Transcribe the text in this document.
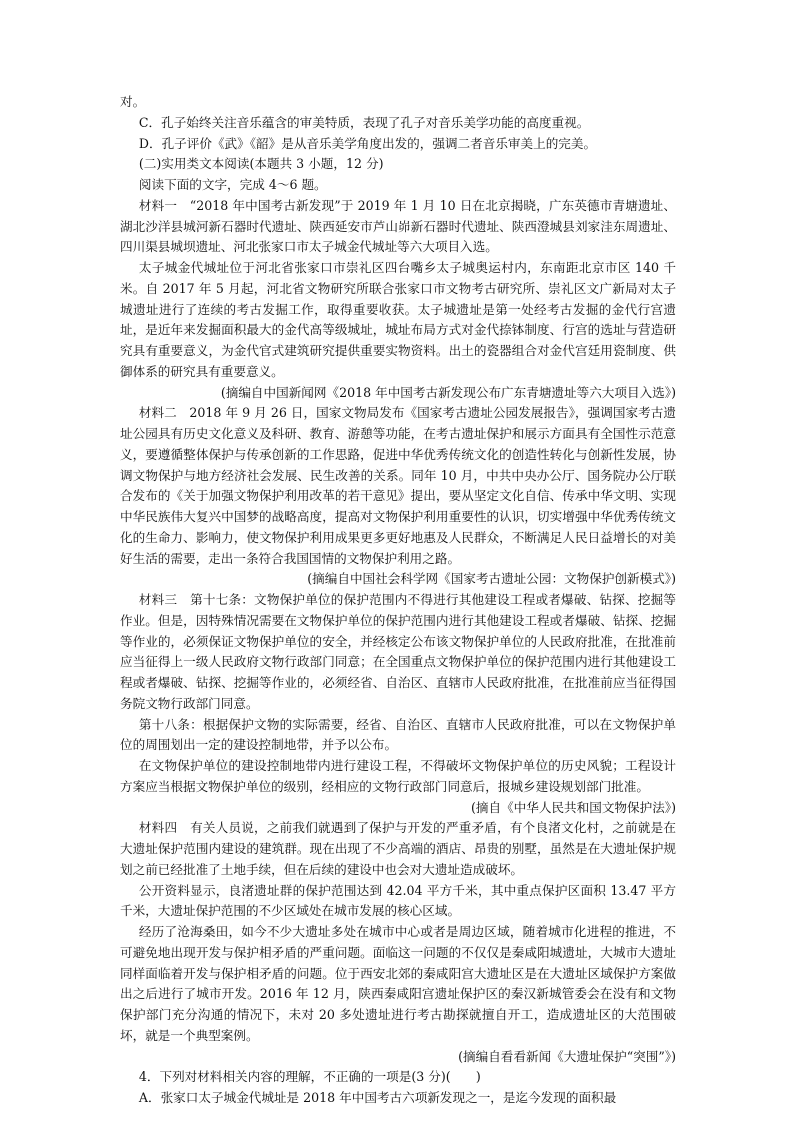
对。

C．孔子始终关注音乐蕴含的审美特质，表现了孔子对音乐美学功能的高度重视。

D．孔子评价《武》《韶》是从音乐美学角度出发的，强调二者音乐审美上的完美。

(二)实用类文本阅读(本题共 3 小题，12 分)

阅读下面的文字，完成 4～6 题。

材料一　“2018 年中国考古新发现”于 2019 年 1 月 10 日在北京揭晓，广东英德市青塘遗址、湖北沙洋县城河新石器时代遗址、陕西延安市芦山峁新石器时代遗址、陕西澄城县刘家洼东周遗址、四川渠县城坝遗址、河北张家口市太子城金代城址等六大项目入选。

太子城金代城址位于河北省张家口市崇礼区四台嘴乡太子城奥运村内，东南距北京市区 140 千米。自 2017 年 5 月起，河北省文物研究所联合张家口市文物考古研究所、崇礼区文广新局对太子城遗址进行了连续的考古发掘工作，取得重要收获。太子城遗址是第一处经考古发掘的金代行宫遗址，是近年来发掘面积最大的金代高等级城址，城址布局方式对金代捺钵制度、行宫的选址与营造研究具有重要意义，为金代官式建筑研究提供重要实物资料。出土的瓷器组合对金代宫廷用瓷制度、供御体系的研究具有重要意义。

(摘编自中国新闻网《2018 年中国考古新发现公布广东青塘遗址等六大项目入选》)

材料二　2018 年 9 月 26 日，国家文物局发布《国家考古遗址公园发展报告》，强调国家考古遗址公园具有历史文化意义及科研、教育、游憩等功能，在考古遗址保护和展示方面具有全国性示范意义，要遵循整体保护与传承创新的工作思路，促进中华优秀传统文化的创造性转化与创新性发展，协调文物保护与地方经济社会发展、民生改善的关系。同年 10 月，中共中央办公厅、国务院办公厅联合发布的《关于加强文物保护利用改革的若干意见》提出，要从坚定文化自信、传承中华文明、实现中华民族伟大复兴中国梦的战略高度，提高对文物保护利用重要性的认识，切实增强中华优秀传统文化的生命力、影响力，使文物保护利用成果更多更好地惠及人民群众，不断满足人民日益增长的对美好生活的需要，走出一条符合我国国情的文物保护利用之路。

(摘编自中国社会科学网《国家考古遗址公园：文物保护创新模式》)

材料三　第十七条：文物保护单位的保护范围内不得进行其他建设工程或者爆破、钻探、挖掘等作业。但是，因特殊情况需要在文物保护单位的保护范围内进行其他建设工程或者爆破、钻探、挖掘等作业的，必须保证文物保护单位的安全，并经核定公布该文物保护单位的人民政府批准，在批准前应当征得上一级人民政府文物行政部门同意；在全国重点文物保护单位的保护范围内进行其他建设工程或者爆破、钻探、挖掘等作业的，必须经省、自治区、直辖市人民政府批准，在批准前应当征得国务院文物行政部门同意。

第十八条：根据保护文物的实际需要，经省、自治区、直辖市人民政府批准，可以在文物保护单位的周围划出一定的建设控制地带，并予以公布。

在文物保护单位的建设控制地带内进行建设工程，不得破坏文物保护单位的历史风貌；工程设计方案应当根据文物保护单位的级别，经相应的文物行政部门同意后，报城乡建设规划部门批准。

(摘自《中华人民共和国文物保护法》)

材料四　有关人员说，之前我们就遇到了保护与开发的严重矛盾，有个良渚文化村，之前就是在大遗址保护范围内建设的建筑群。现在出现了不少高端的酒店、昂贵的别墅，虽然是在大遗址保护规划之前已经批准了土地手续，但在后续的建设中也会对大遗址造成破坏。

公开资料显示，良渚遗址群的保护范围达到 42.04 平方千米，其中重点保护区面积 13.47 平方千米，大遗址保护范围的不少区域处在城市发展的核心区域。

经历了沧海桑田，如今不少大遗址多处在城市中心或者是周边区域，随着城市化进程的推进，不可避免地出现开发与保护相矛盾的严重问题。面临这一问题的不仅仅是秦咸阳城遗址，大城市大遗址同样面临着开发与保护相矛盾的问题。位于西安北郊的秦咸阳宫大遗址区是在大遗址区域保护方案做出之后进行了城市开发。2016 年 12 月，陕西秦咸阳宫遗址保护区的秦汉新城管委会在没有和文物保护部门充分沟通的情况下，未对 20 多处遗址进行考古勘探就擅自开工，造成遗址区的大范围破坏，就是一个典型案例。

(摘编自看看新闻《大遗址保护“突围”》)

4．下列对材料相关内容的理解，不正确的一项是(3 分)(　　)

A．张家口太子城金代城址是 2018 年中国考古六项新发现之一，是迄今发现的面积最
